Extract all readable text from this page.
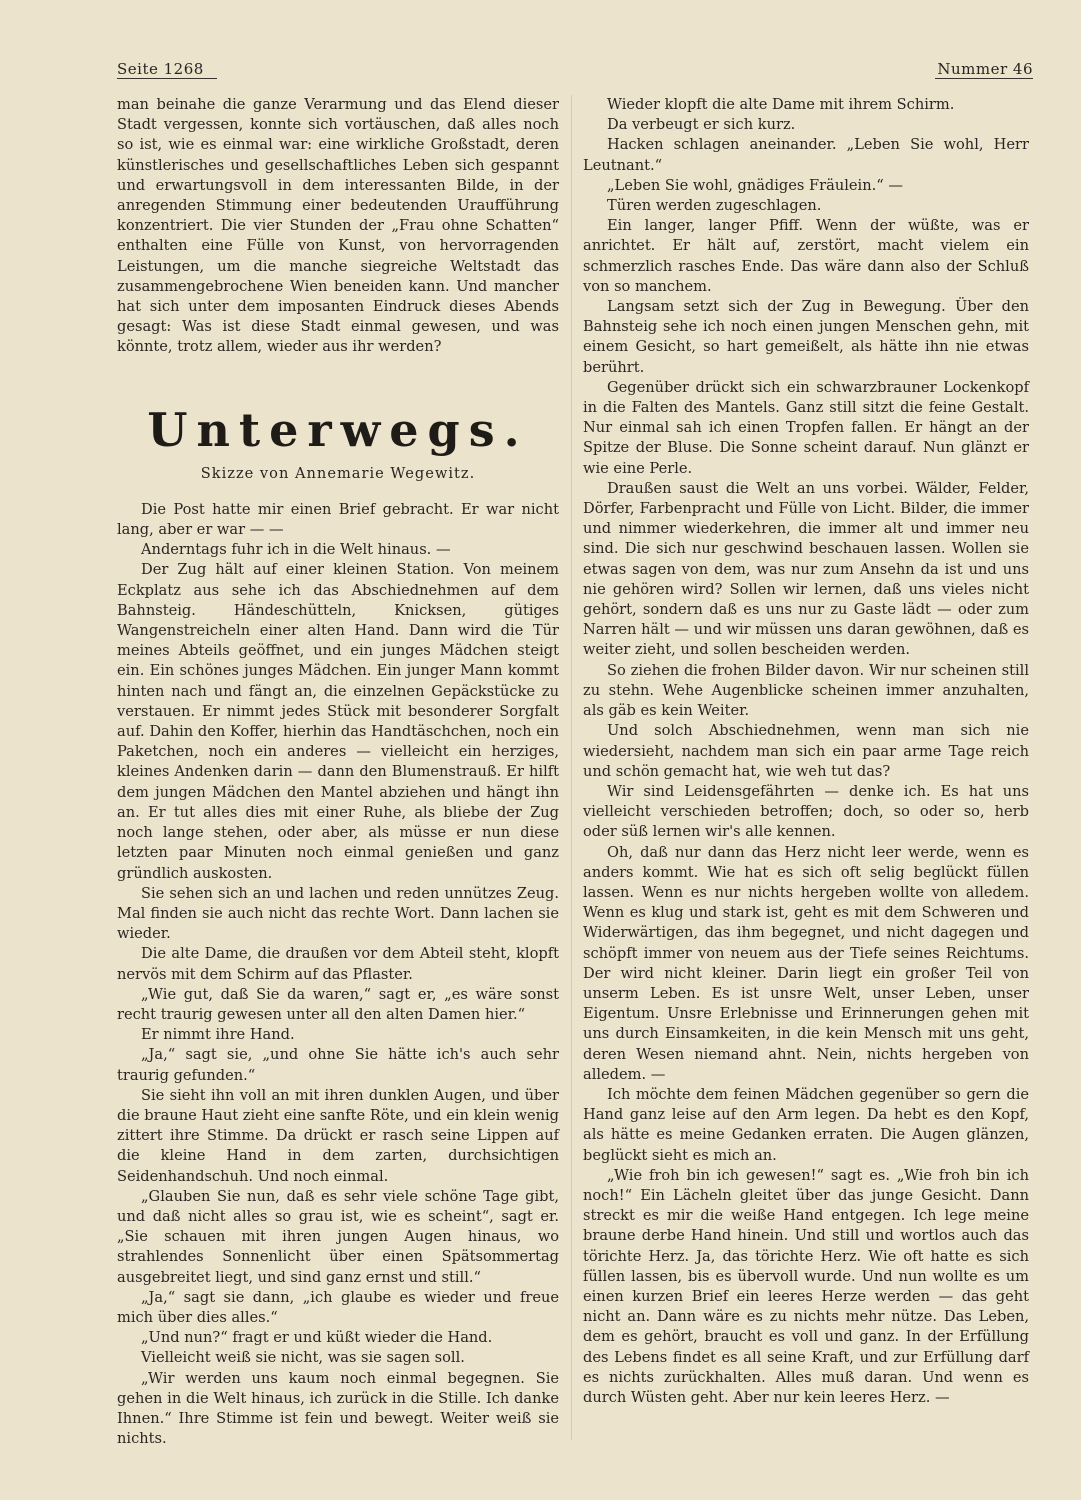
Seite 1268	Nummer 46

man beinahe die ganze Verarmung und das Elend dieser Stadt vergessen, konnte sich vortäuschen, daß alles noch so ist, wie es einmal war: eine wirkliche Großstadt, deren künstlerisches und gesellschaftliches Leben sich gespannt und erwartungsvoll in dem interessanten Bilde, in der anregenden Stimmung einer bedeutenden Uraufführung konzentriert. Die vier Stunden der „Frau ohne Schatten“ enthalten eine Fülle von Kunst, von hervorragenden Leistungen, um die manche siegreiche Weltstadt das zusammengebrochene Wien beneiden kann. Und mancher hat sich unter dem imposanten Eindruck dieses Abends gesagt: Was ist diese Stadt einmal gewesen, und was könnte, trotz allem, wieder aus ihr werden?

Unterwegs.
Skizze von Annemarie Wegewitz.

Die Post hatte mir einen Brief gebracht. Er war nicht lang, aber er war — —

Anderntags fuhr ich in die Welt hinaus. —

Der Zug hält auf einer kleinen Station. Von meinem Eckplatz aus sehe ich das Abschiednehmen auf dem Bahnsteig. Händeschütteln, Knicksen, gütiges Wangenstreicheln einer alten Hand. Dann wird die Tür meines Abteils geöffnet, und ein junges Mädchen steigt ein. Ein schönes junges Mädchen. Ein junger Mann kommt hinten nach und fängt an, die einzelnen Gepäckstücke zu verstauen. Er nimmt jedes Stück mit besonderer Sorgfalt auf. Dahin den Koffer, hierhin das Handtäschchen, noch ein Paketchen, noch ein anderes — vielleicht ein herziges, kleines Andenken darin — dann den Blumenstrauß. Er hilft dem jungen Mädchen den Mantel abziehen und hängt ihn an. Er tut alles dies mit einer Ruhe, als bliebe der Zug noch lange stehen, oder aber, als müsse er nun diese letzten paar Minuten noch einmal genießen und ganz gründlich auskosten.

Sie sehen sich an und lachen und reden unnützes Zeug. Mal finden sie auch nicht das rechte Wort. Dann lachen sie wieder.

Die alte Dame, die draußen vor dem Abteil steht, klopft nervös mit dem Schirm auf das Pflaster.

„Wie gut, daß Sie da waren,“ sagt er, „es wäre sonst recht traurig gewesen unter all den alten Damen hier.“

Er nimmt ihre Hand.

„Ja,“ sagt sie, „und ohne Sie hätte ich's auch sehr traurig gefunden.“

Sie sieht ihn voll an mit ihren dunklen Augen, und über die braune Haut zieht eine sanfte Röte, und ein klein wenig zittert ihre Stimme. Da drückt er rasch seine Lippen auf die kleine Hand in dem zarten, durchsichtigen Seidenhandschuh. Und noch einmal.

„Glauben Sie nun, daß es sehr viele schöne Tage gibt, und daß nicht alles so grau ist, wie es scheint“, sagt er. „Sie schauen mit ihren jungen Augen hinaus, wo strahlendes Sonnenlicht über einen Spätsommertag ausgebreitet liegt, und sind ganz ernst und still.“

„Ja,“ sagt sie dann, „ich glaube es wieder und freue mich über dies alles.“

„Und nun?“ fragt er und küßt wieder die Hand.

Vielleicht weiß sie nicht, was sie sagen soll.

„Wir werden uns kaum noch einmal begegnen. Sie gehen in die Welt hinaus, ich zurück in die Stille. Ich danke Ihnen.“ Ihre Stimme ist fein und bewegt. Weiter weiß sie nichts.

Wieder klopft die alte Dame mit ihrem Schirm.

Da verbeugt er sich kurz.

Hacken schlagen aneinander. „Leben Sie wohl, Herr Leutnant.“

„Leben Sie wohl, gnädiges Fräulein.“ —

Türen werden zugeschlagen.

Ein langer, langer Pfiff. Wenn der wüßte, was er anrichtet. Er hält auf, zerstört, macht vielem ein schmerzlich rasches Ende. Das wäre dann also der Schluß von so manchem.

Langsam setzt sich der Zug in Bewegung. Über den Bahnsteig sehe ich noch einen jungen Menschen gehn, mit einem Gesicht, so hart gemeißelt, als hätte ihn nie etwas berührt.

Gegenüber drückt sich ein schwarzbrauner Lockenkopf in die Falten des Mantels. Ganz still sitzt die feine Gestalt. Nur einmal sah ich einen Tropfen fallen. Er hängt an der Spitze der Bluse. Die Sonne scheint darauf. Nun glänzt er wie eine Perle.

Draußen saust die Welt an uns vorbei. Wälder, Felder, Dörfer, Farbenpracht und Fülle von Licht. Bilder, die immer und nimmer wiederkehren, die immer alt und immer neu sind. Die sich nur geschwind beschauen lassen. Wollen sie etwas sagen von dem, was nur zum Ansehn da ist und uns nie gehören wird? Sollen wir lernen, daß uns vieles nicht gehört, sondern daß es uns nur zu Gaste lädt — oder zum Narren hält — und wir müssen uns daran gewöhnen, daß es weiter zieht, und sollen bescheiden werden.

So ziehen die frohen Bilder davon. Wir nur scheinen still zu stehn. Wehe Augenblicke scheinen immer anzuhalten, als gäb es kein Weiter.

Und solch Abschiednehmen, wenn man sich nie wiedersieht, nachdem man sich ein paar arme Tage reich und schön gemacht hat, wie weh tut das?

Wir sind Leidensgefährten — denke ich. Es hat uns vielleicht verschieden betroffen; doch, so oder so, herb oder süß lernen wir's alle kennen.

Oh, daß nur dann das Herz nicht leer werde, wenn es anders kommt. Wie hat es sich oft selig beglückt füllen lassen. Wenn es nur nichts hergeben wollte von alledem. Wenn es klug und stark ist, geht es mit dem Schweren und Widerwärtigen, das ihm begegnet, und nicht dagegen und schöpft immer von neuem aus der Tiefe seines Reichtums. Der wird nicht kleiner. Darin liegt ein großer Teil von unserm Leben. Es ist unsre Welt, unser Leben, unser Eigentum. Unsre Erlebnisse und Erinnerungen gehen mit uns durch Einsamkeiten, in die kein Mensch mit uns geht, deren Wesen niemand ahnt. Nein, nichts hergeben von alledem. —

Ich möchte dem feinen Mädchen gegenüber so gern die Hand ganz leise auf den Arm legen. Da hebt es den Kopf, als hätte es meine Gedanken erraten. Die Augen glänzen, beglückt sieht es mich an.

„Wie froh bin ich gewesen!“ sagt es. „Wie froh bin ich noch!“ Ein Lächeln gleitet über das junge Gesicht. Dann streckt es mir die weiße Hand entgegen. Ich lege meine braune derbe Hand hinein. Und still und wortlos auch das törichte Herz. Ja, das törichte Herz. Wie oft hatte es sich füllen lassen, bis es übervoll wurde. Und nun wollte es um einen kurzen Brief ein leeres Herze werden — das geht nicht an. Dann wäre es zu nichts mehr nütze. Das Leben, dem es gehört, braucht es voll und ganz. In der Erfüllung des Lebens findet es all seine Kraft, und zur Erfüllung darf es nichts zurückhalten. Alles muß daran. Und wenn es durch Wüsten geht. Aber nur kein leeres Herz. —
